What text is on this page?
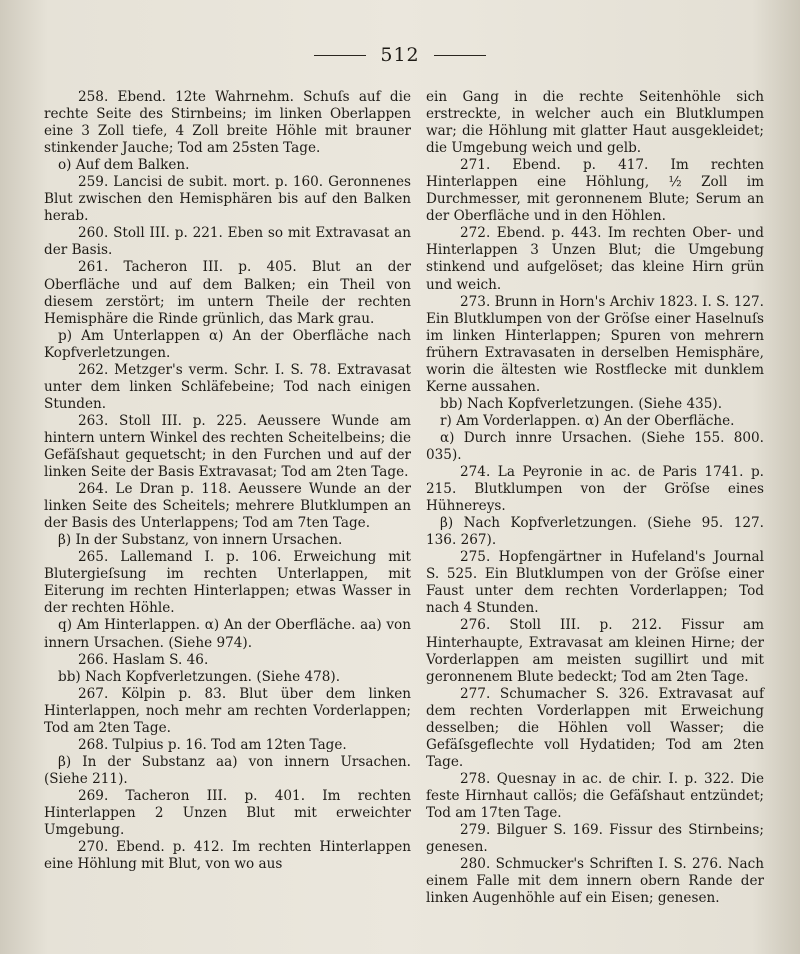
512

258. Ebend. 12te Wahrnehm. Schuſs auf die rechte Seite des Stirnbeins; im linken Oberlappen eine 3 Zoll tiefe, 4 Zoll breite Höhle mit brauner stinkender Jauche; Tod am 25sten Tage.

o) Auf dem Balken.

259. Lancisi de subit. mort. p. 160. Geronnenes Blut zwischen den Hemisphären bis auf den Balken herab.

260. Stoll III. p. 221. Eben so mit Extravasat an der Basis.

261. Tacheron III. p. 405. Blut an der Oberfläche und auf dem Balken; ein Theil von diesem zerstört; im untern Theile der rechten Hemisphäre die Rinde grünlich, das Mark grau.

p) Am Unterlappen α) An der Oberfläche nach Kopfverletzungen.

262. Metzger's verm. Schr. I. S. 78. Extravasat unter dem linken Schläfebeine; Tod nach einigen Stunden.

263. Stoll III. p. 225. Aeussere Wunde am hintern untern Winkel des rechten Scheitelbeins; die Gefäſshaut gequetscht; in den Furchen und auf der linken Seite der Basis Extravasat; Tod am 2ten Tage.

264. Le Dran p. 118. Aeussere Wunde an der linken Seite des Scheitels; mehrere Blutklumpen an der Basis des Unterlappens; Tod am 7ten Tage.

β) In der Substanz, von innern Ursachen.

265. Lallemand I. p. 106. Erweichung mit Blutergieſsung im rechten Unterlappen, mit Eiterung im rechten Hinterlappen; etwas Wasser in der rechten Höhle.

q) Am Hinterlappen. α) An der Oberfläche. aa) von innern Ursachen. (Siehe 974).

266. Haslam S. 46.

bb) Nach Kopfverletzungen. (Siehe 478).

267. Kölpin p. 83. Blut über dem linken Hinterlappen, noch mehr am rechten Vorderlappen; Tod am 2ten Tage.

268. Tulpius p. 16. Tod am 12ten Tage.

β) In der Substanz aa) von innern Ursachen. (Siehe 211).

269. Tacheron III. p. 401. Im rechten Hinterlappen 2 Unzen Blut mit erweichter Umgebung.

270. Ebend. p. 412. Im rechten Hinterlappen eine Höhlung mit Blut, von wo aus

ein Gang in die rechte Seitenhöhle sich erstreckte, in welcher auch ein Blutklumpen war; die Höhlung mit glatter Haut ausgekleidet; die Umgebung weich und gelb.

271. Ebend. p. 417. Im rechten Hinterlappen eine Höhlung, ½ Zoll im Durchmesser, mit geronnenem Blute; Serum an der Oberfläche und in den Höhlen.

272. Ebend. p. 443. Im rechten Ober- und Hinterlappen 3 Unzen Blut; die Umgebung stinkend und aufgelöset; das kleine Hirn grün und weich.

273. Brunn in Horn's Archiv 1823. I. S. 127. Ein Blutklumpen von der Gröſse einer Haselnuſs im linken Hinterlappen; Spuren von mehrern frühern Extravasaten in derselben Hemisphäre, worin die ältesten wie Rostflecke mit dunklem Kerne aussahen.

bb) Nach Kopfverletzungen. (Siehe 435).

r) Am Vorderlappen. α) An der Oberfläche.

α) Durch innre Ursachen. (Siehe 155. 800. 035).

274. La Peyronie in ac. de Paris 1741. p. 215. Blutklumpen von der Gröſse eines Hühnereys.

β) Nach Kopfverletzungen. (Siehe 95. 127. 136. 267).

275. Hopfengärtner in Hufeland's Journal S. 525. Ein Blutklumpen von der Gröſse einer Faust unter dem rechten Vorderlappen; Tod nach 4 Stunden.

276. Stoll III. p. 212. Fissur am Hinterhaupte, Extravasat am kleinen Hirne; der Vorderlappen am meisten sugillirt und mit geronnenem Blute bedeckt; Tod am 2ten Tage.

277. Schumacher S. 326. Extravasat auf dem rechten Vorderlappen mit Erweichung desselben; die Höhlen voll Wasser; die Gefäſsgeflechte voll Hydatiden; Tod am 2ten Tage.

278. Quesnay in ac. de chir. I. p. 322. Die feste Hirnhaut callös; die Gefäſshaut entzündet; Tod am 17ten Tage.

279. Bilguer S. 169. Fissur des Stirnbeins; genesen.

280. Schmucker's Schriften I. S. 276. Nach einem Falle mit dem innern obern Rande der linken Augenhöhle auf ein Eisen; genesen.
